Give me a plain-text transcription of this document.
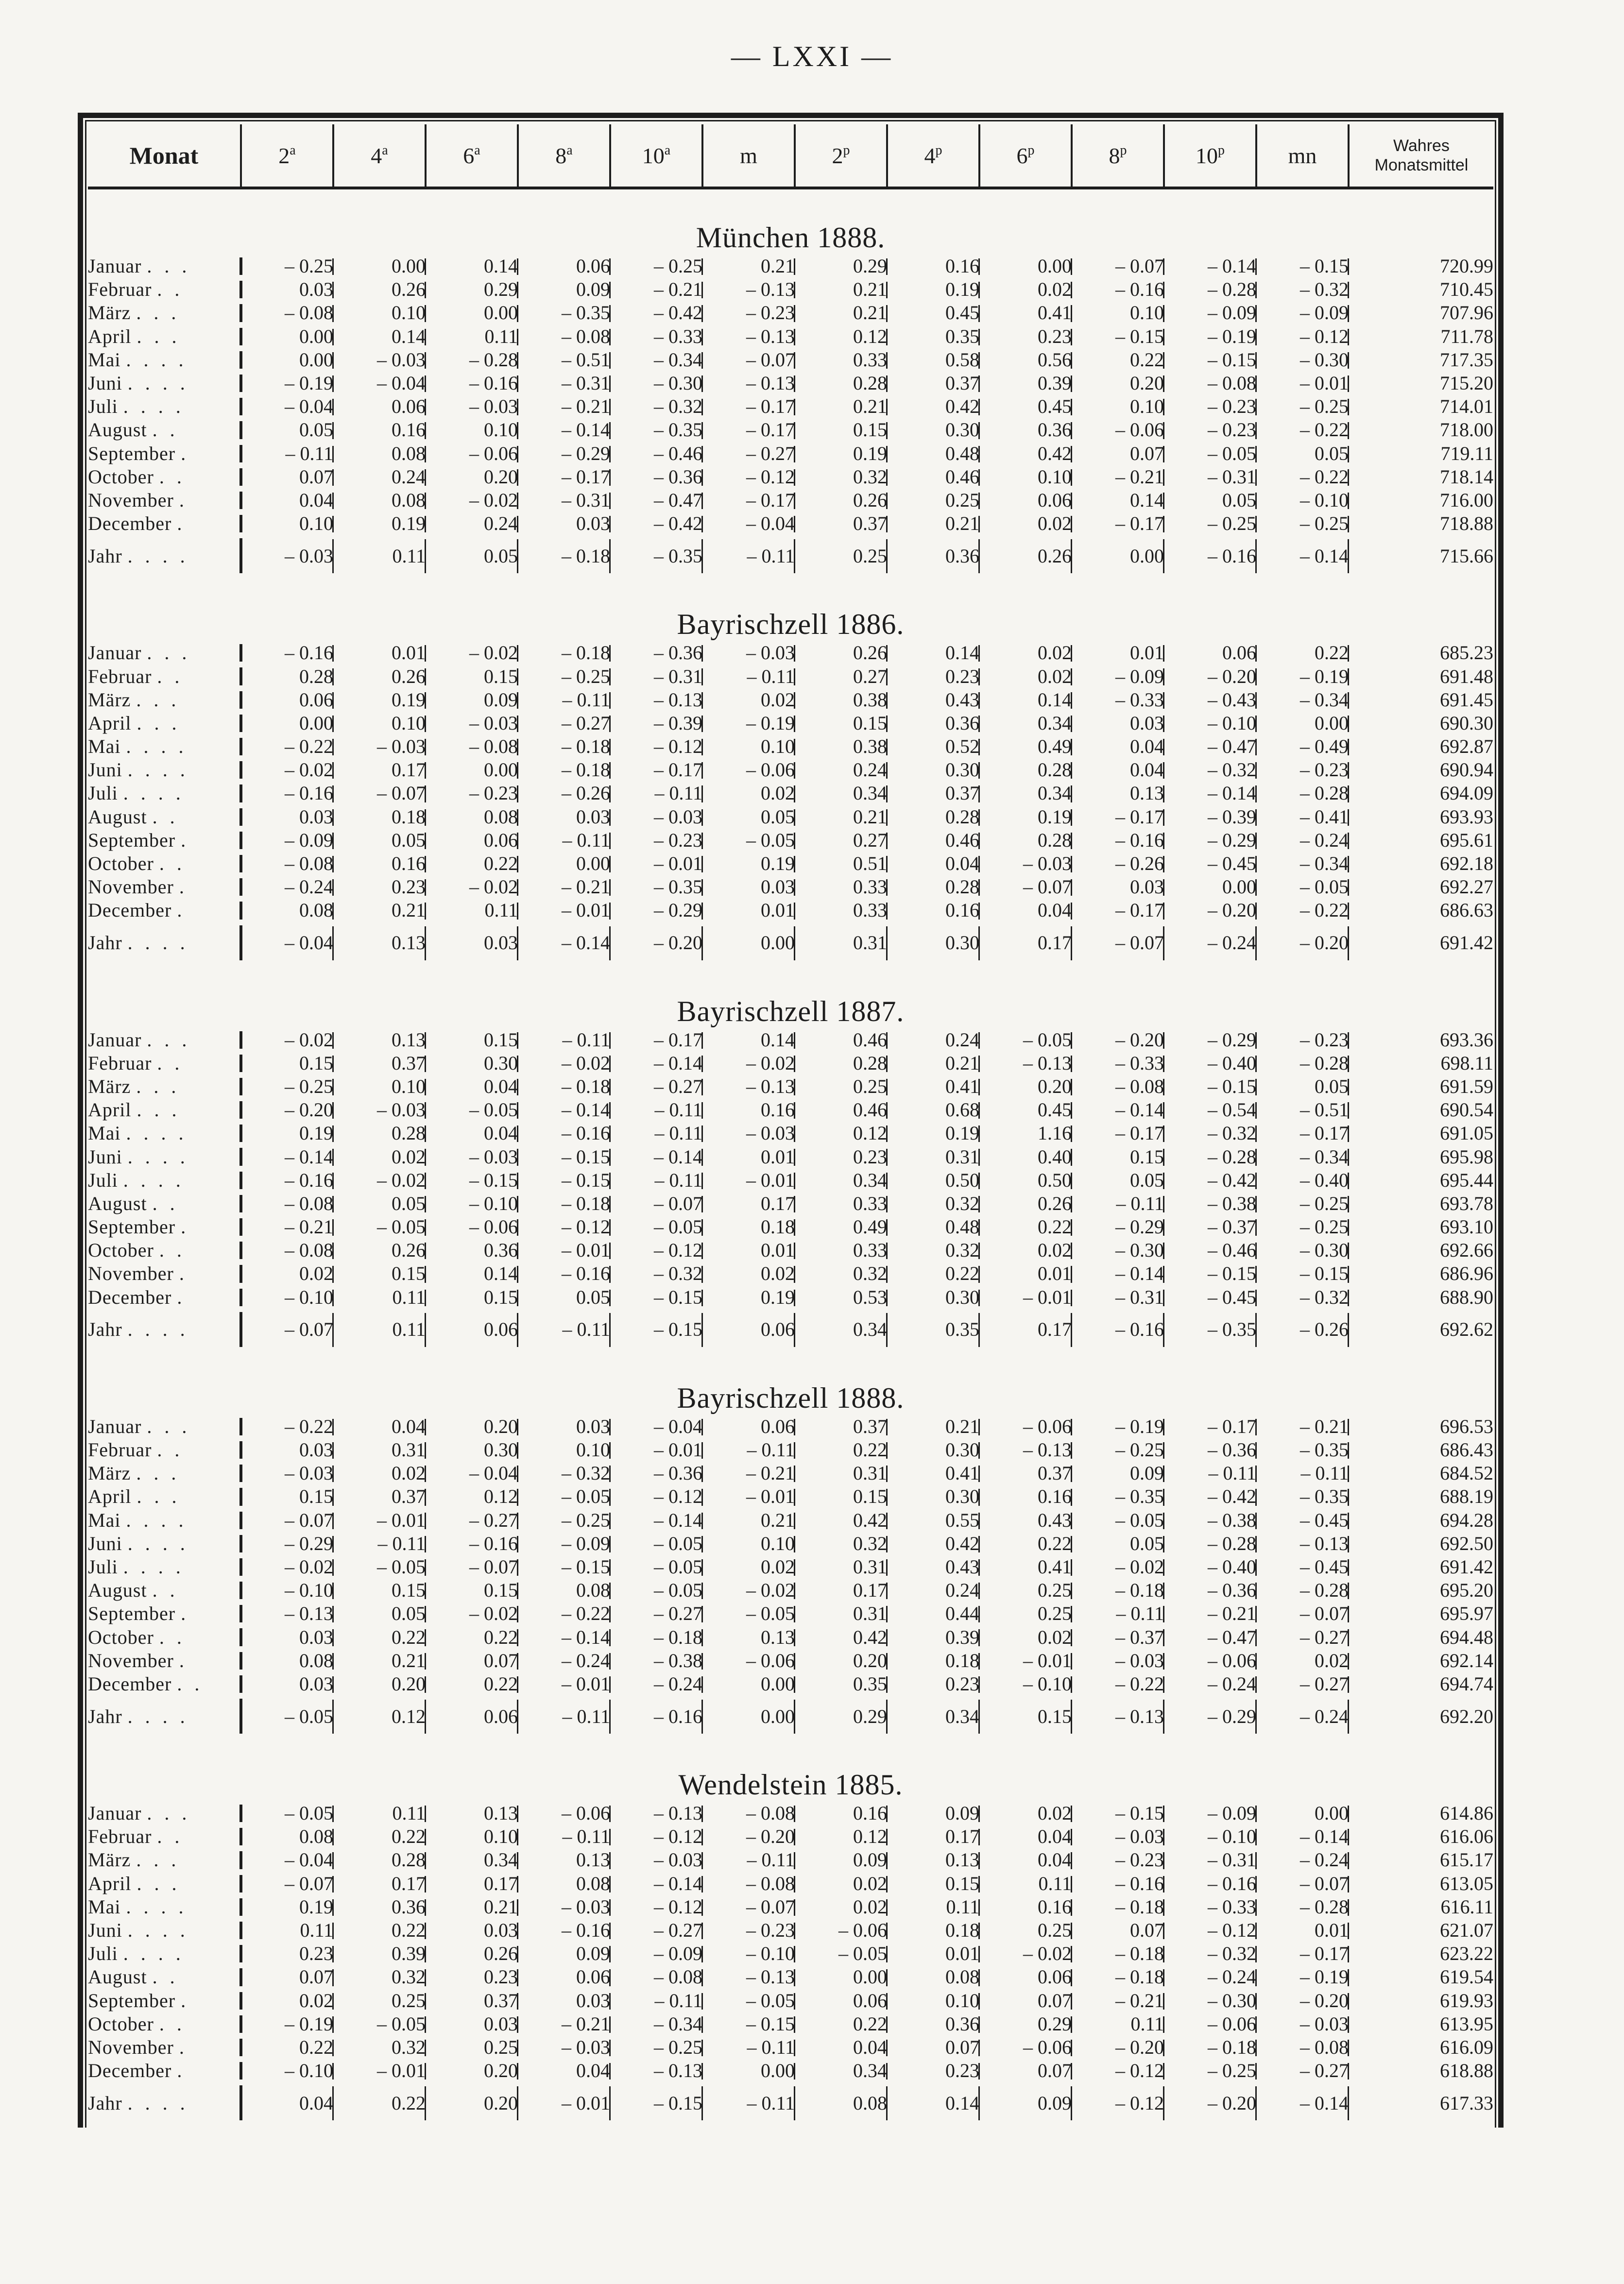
— LXXI —
Monat	2$^a$	4$^a$	6$^a$	8$^a$	10$^a$	m	2$^p$	4$^p$	6$^p$	8$^p$	10$^p$	mn	Wahres
Monatsmittel

München 1888.													
Januar . . .	– 0.25	0.00	0.14	0.06	– 0.25	0.21	0.29	0.16	0.00	– 0.07	– 0.14	– 0.15	720.99
Februar . .	0.03	0.26	0.29	0.09	– 0.21	– 0.13	0.21	0.19	0.02	– 0.16	– 0.28	– 0.32	710.45
März . . .	– 0.08	0.10	0.00	– 0.35	– 0.42	– 0.23	0.21	0.45	0.41	0.10	– 0.09	– 0.09	707.96
April . . .	0.00	0.14	0.11	– 0.08	– 0.33	– 0.13	0.12	0.35	0.23	– 0.15	– 0.19	– 0.12	711.78
Mai . . . .	0.00	– 0.03	– 0.28	– 0.51	– 0.34	– 0.07	0.33	0.58	0.56	0.22	– 0.15	– 0.30	717.35
Juni . . . .	– 0.19	– 0.04	– 0.16	– 0.31	– 0.30	– 0.13	0.28	0.37	0.39	0.20	– 0.08	– 0.01	715.20
Juli . . . .	– 0.04	0.06	– 0.03	– 0.21	– 0.32	– 0.17	0.21	0.42	0.45	0.10	– 0.23	– 0.25	714.01
August . .	0.05	0.16	0.10	– 0.14	– 0.35	– 0.17	0.15	0.30	0.36	– 0.06	– 0.23	– 0.22	718.00
September .	– 0.11	0.08	– 0.06	– 0.29	– 0.46	– 0.27	0.19	0.48	0.42	0.07	– 0.05	0.05	719.11
October . .	0.07	0.24	0.20	– 0.17	– 0.36	– 0.12	0.32	0.46	0.10	– 0.21	– 0.31	– 0.22	718.14
November .	0.04	0.08	– 0.02	– 0.31	– 0.47	– 0.17	0.26	0.25	0.06	0.14	0.05	– 0.10	716.00
December .	0.10	0.19	0.24	0.03	– 0.42	– 0.04	0.37	0.21	0.02	– 0.17	– 0.25	– 0.25	718.88
Jahr . . . .	– 0.03	0.11	0.05	– 0.18	– 0.35	– 0.11	0.25	0.36	0.26	0.00	– 0.16	– 0.14	715.66

Bayrischzell 1886.													
Januar . . .	– 0.16	0.01	– 0.02	– 0.18	– 0.36	– 0.03	0.26	0.14	0.02	0.01	0.06	0.22	685.23
Februar . .	0.28	0.26	0.15	– 0.25	– 0.31	– 0.11	0.27	0.23	0.02	– 0.09	– 0.20	– 0.19	691.48
März . . .	0.06	0.19	0.09	– 0.11	– 0.13	0.02	0.38	0.43	0.14	– 0.33	– 0.43	– 0.34	691.45
April . . .	0.00	0.10	– 0.03	– 0.27	– 0.39	– 0.19	0.15	0.36	0.34	0.03	– 0.10	0.00	690.30
Mai . . . .	– 0.22	– 0.03	– 0.08	– 0.18	– 0.12	0.10	0.38	0.52	0.49	0.04	– 0.47	– 0.49	692.87
Juni . . . .	– 0.02	0.17	0.00	– 0.18	– 0.17	– 0.06	0.24	0.30	0.28	0.04	– 0.32	– 0.23	690.94
Juli . . . .	– 0.16	– 0.07	– 0.23	– 0.26	– 0.11	0.02	0.34	0.37	0.34	0.13	– 0.14	– 0.28	694.09
August . .	0.03	0.18	0.08	0.03	– 0.03	0.05	0.21	0.28	0.19	– 0.17	– 0.39	– 0.41	693.93
September .	– 0.09	0.05	0.06	– 0.11	– 0.23	– 0.05	0.27	0.46	0.28	– 0.16	– 0.29	– 0.24	695.61
October . .	– 0.08	0.16	0.22	0.00	– 0.01	0.19	0.51	0.04	– 0.03	– 0.26	– 0.45	– 0.34	692.18
November .	– 0.24	0.23	– 0.02	– 0.21	– 0.35	0.03	0.33	0.28	– 0.07	0.03	0.00	– 0.05	692.27
December .	0.08	0.21	0.11	– 0.01	– 0.29	0.01	0.33	0.16	0.04	– 0.17	– 0.20	– 0.22	686.63
Jahr . . . .	– 0.04	0.13	0.03	– 0.14	– 0.20	0.00	0.31	0.30	0.17	– 0.07	– 0.24	– 0.20	691.42

Bayrischzell 1887.													
Januar . . .	– 0.02	0.13	0.15	– 0.11	– 0.17	0.14	0.46	0.24	– 0.05	– 0.20	– 0.29	– 0.23	693.36
Februar . .	0.15	0.37	0.30	– 0.02	– 0.14	– 0.02	0.28	0.21	– 0.13	– 0.33	– 0.40	– 0.28	698.11
März . . .	– 0.25	0.10	0.04	– 0.18	– 0.27	– 0.13	0.25	0.41	0.20	– 0.08	– 0.15	0.05	691.59
April . . .	– 0.20	– 0.03	– 0.05	– 0.14	– 0.11	0.16	0.46	0.68	0.45	– 0.14	– 0.54	– 0.51	690.54
Mai . . . .	0.19	0.28	0.04	– 0.16	– 0.11	– 0.03	0.12	0.19	1.16	– 0.17	– 0.32	– 0.17	691.05
Juni . . . .	– 0.14	0.02	– 0.03	– 0.15	– 0.14	0.01	0.23	0.31	0.40	0.15	– 0.28	– 0.34	695.98
Juli . . . .	– 0.16	– 0.02	– 0.15	– 0.15	– 0.11	– 0.01	0.34	0.50	0.50	0.05	– 0.42	– 0.40	695.44
August . .	– 0.08	0.05	– 0.10	– 0.18	– 0.07	0.17	0.33	0.32	0.26	– 0.11	– 0.38	– 0.25	693.78
September .	– 0.21	– 0.05	– 0.06	– 0.12	– 0.05	0.18	0.49	0.48	0.22	– 0.29	– 0.37	– 0.25	693.10
October . .	– 0.08	0.26	0.36	– 0.01	– 0.12	0.01	0.33	0.32	0.02	– 0.30	– 0.46	– 0.30	692.66
November .	0.02	0.15	0.14	– 0.16	– 0.32	0.02	0.32	0.22	0.01	– 0.14	– 0.15	– 0.15	686.96
December .	– 0.10	0.11	0.15	0.05	– 0.15	0.19	0.53	0.30	– 0.01	– 0.31	– 0.45	– 0.32	688.90
Jahr . . . .	– 0.07	0.11	0.06	– 0.11	– 0.15	0.06	0.34	0.35	0.17	– 0.16	– 0.35	– 0.26	692.62

Bayrischzell 1888.													
Januar . . .	– 0.22	0.04	0.20	0.03	– 0.04	0.06	0.37	0.21	– 0.06	– 0.19	– 0.17	– 0.21	696.53
Februar . .	0.03	0.31	0.30	0.10	– 0.01	– 0.11	0.22	0.30	– 0.13	– 0.25	– 0.36	– 0.35	686.43
März . . .	– 0.03	0.02	– 0.04	– 0.32	– 0.36	– 0.21	0.31	0.41	0.37	0.09	– 0.11	– 0.11	684.52
April . . .	0.15	0.37	0.12	– 0.05	– 0.12	– 0.01	0.15	0.30	0.16	– 0.35	– 0.42	– 0.35	688.19
Mai . . . .	– 0.07	– 0.01	– 0.27	– 0.25	– 0.14	0.21	0.42	0.55	0.43	– 0.05	– 0.38	– 0.45	694.28
Juni . . . .	– 0.29	– 0.11	– 0.16	– 0.09	– 0.05	0.10	0.32	0.42	0.22	0.05	– 0.28	– 0.13	692.50
Juli . . . .	– 0.02	– 0.05	– 0.07	– 0.15	– 0.05	0.02	0.31	0.43	0.41	– 0.02	– 0.40	– 0.45	691.42
August . .	– 0.10	0.15	0.15	0.08	– 0.05	– 0.02	0.17	0.24	0.25	– 0.18	– 0.36	– 0.28	695.20
September .	– 0.13	0.05	– 0.02	– 0.22	– 0.27	– 0.05	0.31	0.44	0.25	– 0.11	– 0.21	– 0.07	695.97
October . .	0.03	0.22	0.22	– 0.14	– 0.18	0.13	0.42	0.39	0.02	– 0.37	– 0.47	– 0.27	694.48
November .	0.08	0.21	0.07	– 0.24	– 0.38	– 0.06	0.20	0.18	– 0.01	– 0.03	– 0.06	0.02	692.14
December . .	0.03	0.20	0.22	– 0.01	– 0.24	0.00	0.35	0.23	– 0.10	– 0.22	– 0.24	– 0.27	694.74
Jahr . . . .	– 0.05	0.12	0.06	– 0.11	– 0.16	0.00	0.29	0.34	0.15	– 0.13	– 0.29	– 0.24	692.20

Wendelstein 1885.													
Januar . . .	– 0.05	0.11	0.13	– 0.06	– 0.13	– 0.08	0.16	0.09	0.02	– 0.15	– 0.09	0.00	614.86
Februar . .	0.08	0.22	0.10	– 0.11	– 0.12	– 0.20	0.12	0.17	0.04	– 0.03	– 0.10	– 0.14	616.06
März . . .	– 0.04	0.28	0.34	0.13	– 0.03	– 0.11	0.09	0.13	0.04	– 0.23	– 0.31	– 0.24	615.17
April . . .	– 0.07	0.17	0.17	0.08	– 0.14	– 0.08	0.02	0.15	0.11	– 0.16	– 0.16	– 0.07	613.05
Mai . . . .	0.19	0.36	0.21	– 0.03	– 0.12	– 0.07	0.02	0.11	0.16	– 0.18	– 0.33	– 0.28	616.11
Juni . . . .	0.11	0.22	0.03	– 0.16	– 0.27	– 0.23	– 0.06	0.18	0.25	0.07	– 0.12	0.01	621.07
Juli . . . .	0.23	0.39	0.26	0.09	– 0.09	– 0.10	– 0.05	0.01	– 0.02	– 0.18	– 0.32	– 0.17	623.22
August . .	0.07	0.32	0.23	0.06	– 0.08	– 0.13	0.00	0.08	0.06	– 0.18	– 0.24	– 0.19	619.54
September .	0.02	0.25	0.37	0.03	– 0.11	– 0.05	0.06	0.10	0.07	– 0.21	– 0.30	– 0.20	619.93
October . .	– 0.19	– 0.05	0.03	– 0.21	– 0.34	– 0.15	0.22	0.36	0.29	0.11	– 0.06	– 0.03	613.95
November .	0.22	0.32	0.25	– 0.03	– 0.25	– 0.11	0.04	0.07	– 0.06	– 0.20	– 0.18	– 0.08	616.09
December .	– 0.10	– 0.01	0.20	0.04	– 0.13	0.00	0.34	0.23	0.07	– 0.12	– 0.25	– 0.27	618.88
Jahr . . . .	0.04	0.22	0.20	– 0.01	– 0.15	– 0.11	0.08	0.14	0.09	– 0.12	– 0.20	– 0.14	617.33
